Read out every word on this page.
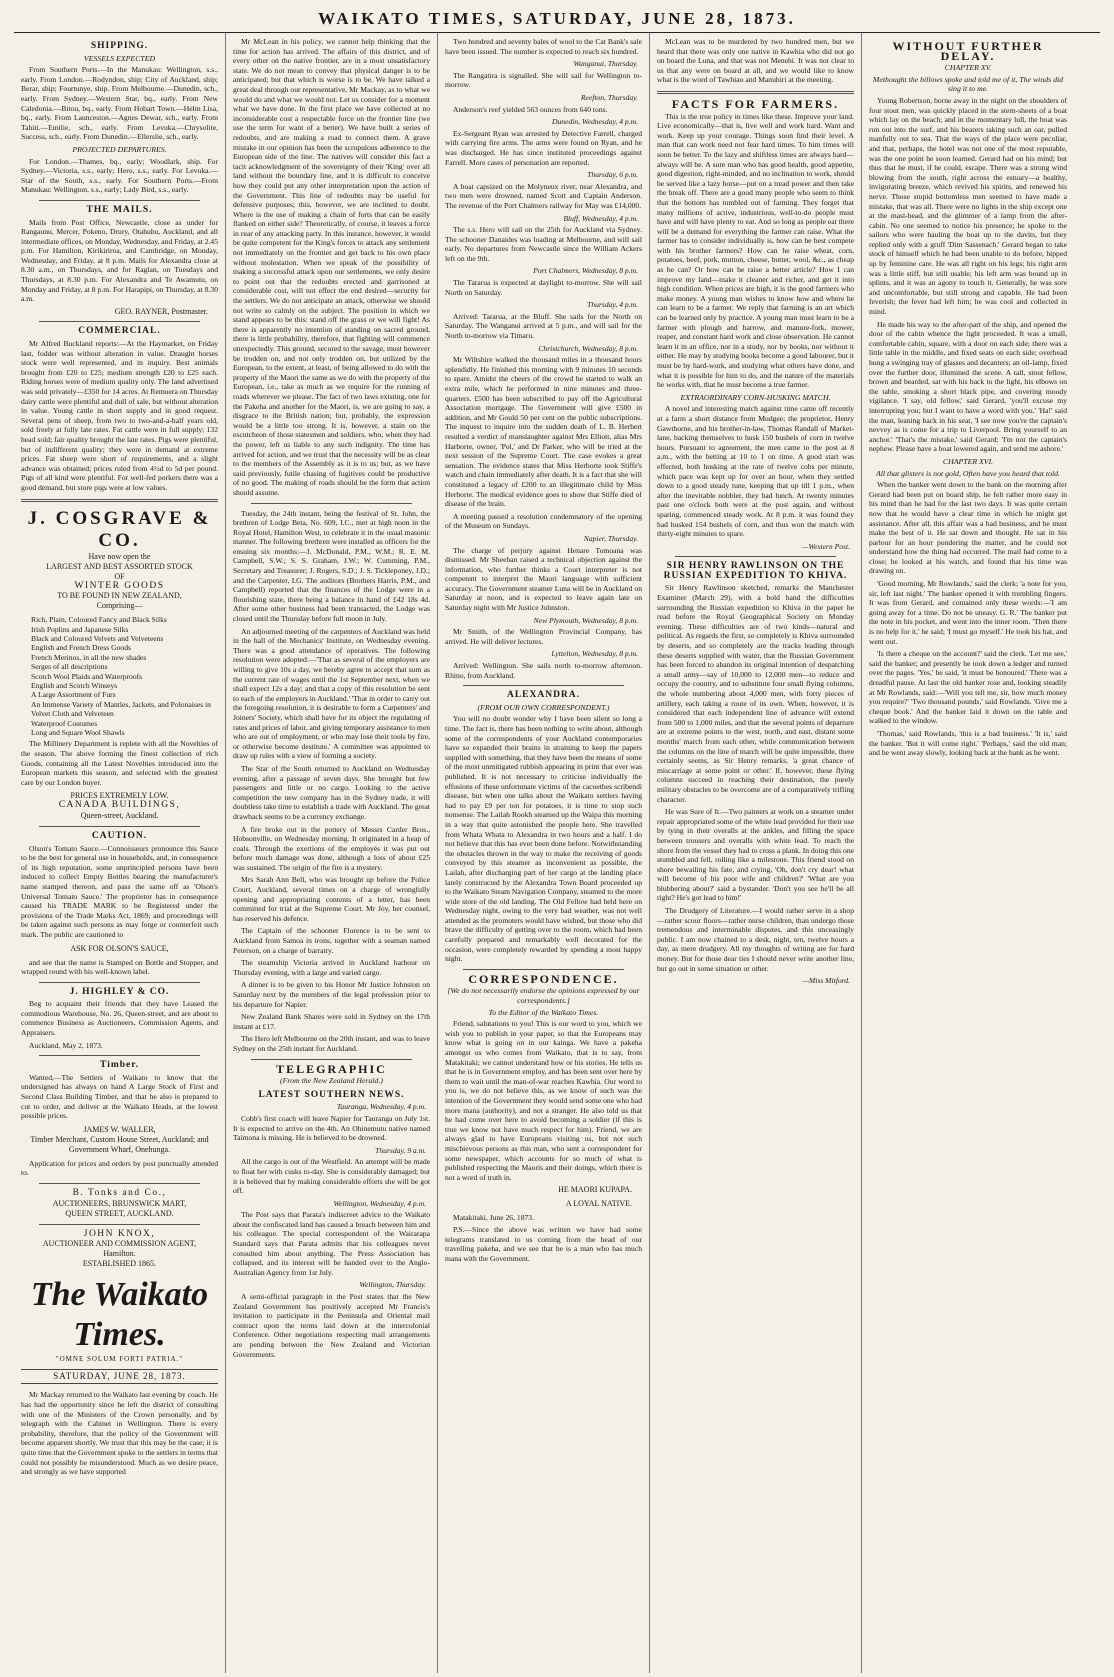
WAIKATO TIMES, SATURDAY, JUNE 28, 1873.
SHIPPING.
VESSELS EXPECTED

From Southern Ports.—In the Manukau: Wellington, s.s., early. From London.—Rodyndon, ship; City of Auckland, ship; Berar, ship; Fourtunye, ship. From Melbourne.—Dunedin, sch., early. From Sydney.—Western Star, bq., early. From New Caledonia.—Bitou, bq., early. From Hobart Town.—Helin Lisa, bq., early. From Launceston.—Agnes Dewar, sch., early. From Tahiti.—Emilie, sch., early. From Levuka.—Chrysolite, Success, sch., early. From Dunedin.—Ellerslie, sch., early.

PROJECTED DEPARTURES.

For London.—Thames, bq., early; Woodlark, ship. For Sydney.—Victoria, s.s., early; Hero, s.s., early. For Levuka.—Star of the South, s.s., early. For Southern Ports.—From Manukau: Wellington, s.s., early; Lady Bird, s.s., early.

THE MAILS.

Mails from Post Office, Newcastle, close as under for Rangaunu, Mercer, Pokeno, Drury, Otahuhu, Auckland, and all intermediate offices, on Monday, Wednesday, and Friday, at 2.45 p.m. For Hamilton, Kirikiriroa, and Cambridge, on Monday, Wednesday, and Friday, at 8 p.m. Mails for Alexandra close at 8.30 a.m., on Thursdays, and for Raglan, on Tuesdays and Thursdays, at 8.30 p.m. For Alexandra and Te Awamutu, on Monday and Friday, at 8 p.m. For Harapipi, on Thursday, at 8.30 a.m.

GEO. RAYNER, Postmaster.
COMMERCIAL.

Mr Alfred Buckland reports:—At the Haymarket, on Friday last, fodder was without alteration in value. Draught horses stock were well represented, and in inquiry. Best animals brought from £20 to £25; medium strength £20 to £25 each. Riding horses were of medium quality only. The land advertised was sold privately—£350 for 14 acres. At Remuera on Thursday dairy cattle were plentiful and dull of sale, but without alteration in value. Young cattle in short supply and in good request. Several pens of sheep, from two to two-and-a-half years old, sold freely at fully late rates. Fat cattle were in full supply; 132 head sold; fair quality brought the late rates. Pigs were plentiful, but of indifferent quality; they were in demand at extreme prices. Fat sheep were short of requirements, and a slight advance was obtained; prices ruled from 4½d to 5d per pound. Pigs of all kind were plentiful. For well-fed porkers there was a good demand, but store pigs were at low values.

J. COSGRAVE & CO.
Have now open the
LARGEST AND BEST ASSORTED STOCK
OF
WINTER GOODS
TO BE FOUND IN NEW ZEALAND,
Comprising—
Rich, Plain, Coloured Fancy and Black Silks
Irish Poplins and Japanese Silks
Black and Coloured Velvets and Velveteens
English and French Dress Goods
French Merinos, in all the new shades
Serges of all descriptions
Scotch Wool Plaids and Waterproofs
English and Scotch Winseys
A Large Assortment of Furs
An Immense Variety of Mantles, Jackets, and Polonaises in Velvet Cloth and Velveteen
Waterproof Costumes
Long and Square Wool Shawls

The Millinery Department is replete with all the Novelties of the season. The above forming the finest collection of rich Goods, containing all the Latest Novelties introduced into the European markets this season, and selected with the greatest care by our London buyer.

PRICES EXTREMELY LOW.
CANADA BUILDINGS,
Queen-street, Auckland.
CAUTION.

Olson's Tomato Sauce.—Connoisseurs pronounce this Sauce to be the best for general use in households, and, in consequence of its high reputation, some unprincipled persons have been induced to collect Empty Bottles bearing the manufacturer's name stamped thereon, and pass the same off as 'Olson's Universal Tomato Sauce.' The proprietor has in consequence caused his TRADE MARK to be Registered under the provisions of the Trade Marks Act, 1869; and proceedings will be taken against such persons as may forge or counterfeit such mark. The public are cautioned to

ASK FOR OLSON'S SAUCE,

and see that the name is Stamped on Bottle and Stopper, and wrapped round with his well-known label.

J. HIGHLEY & CO.

Beg to acquaint their friends that they have Leased the commodious Warehouse, No. 26, Queen-street, and are about to commence Business as Auctioneers, Commission Agents, and Appraisers.

Auckland, May 2, 1873.

Timber.

Wanted,—The Settlers of Waikato to know that the undersigned has always on hand A Large Stock of First and Second Class Building Timber, and that he also is prepared to cut to order, and deliver at the Waikato Heads, at the lowest possible prices.

JAMES W. WALLER,
Timber Merchant, Custom House Street, Auckland; and Government Wharf, Onehunga.

Application for prices and orders by post punctually attended to.

B. Tonks and Co.,
AUCTIONEERS, BRUNSWICK MART,
QUEEN STREET, AUCKLAND.
JOHN KNOX,
AUCTIONEER AND COMMISSION AGENT,
Hamilton.
ESTABLISHED 1865.
The Waikato Times.
"OMNE SOLUM FORTI PATRIA."
SATURDAY, JUNE 28, 1873.

Mr Mackay returned to the Waikato last evening by coach. He has had the opportunity since he left the district of consulting with one of the Ministers of the Crown personally, and by telegraph with the Cabinet in Wellington. There is every probability, therefore, that the policy of the Government will become apparent shortly. We trust that this may be the case; it is quite time that the Government spoke to the settlers in terms that could not possibly be misunderstood. Much as we desire peace, and strongly as we have supported

Mr McLean in his policy, we cannot help thinking that the time for action has arrived. The affairs of this district, and of every other on the native frontier, are in a most unsatisfactory state. We do not mean to convey that physical danger is to be anticipated; but that which is worse is to be. We have talked a great deal through our representative, Mr Mackay, as to what we would do and what we would not. Let us consider for a moment what we have done. In the first place we have collected at no inconsiderable cost a respectable force on the frontier line (we use the term for want of a better). We have built a series of redoubts, and are making a road to connect them. A grave mistake in our opinion has been the scrupulous adherence to the European side of the line. The natives will consider this fact a tacit acknowledgment of the sovereignty of their 'King' over all land without the boundary line, and it is difficult to conceive how they could put any other interpretation upon the action of the Government. This line of redoubts may be useful for defensive purposes; this, however, we are inclined to doubt. Where is the use of making a chain of forts that can be easily flanked on either side? Theoretically, of course, it leaves a force in rear of any attacking party. In this instance, however, it would be quite competent for the King's forces to attack any settlement not immediately on the frontier and get back to his own place without molestation. When we speak of the possibility of making a successful attack upon our settlements, we only desire to point out that the redoubts erected and garrisoned at considerable cost, will not effect the end desired—security for the settlers. We do not anticipate an attack, otherwise we should not write so calmly on the subject. The position in which we stand appears to be this: stand off the grass or we will fight! As there is apparently no intention of standing on sacred ground, there is little probability, therefore, that fighting will commence unexpectedly. This ground, secured to the savage, must however be trodden on, and not only trodden on, but utilized by the European, to the extent, at least, of being allowed to do with the property of the Maori the same as we do with the property of the European, i.e., take as much as we require for the running of roads wherever we please. The fact of two laws existing, one for the Pakeha and another for the Maori, is, we are going to say, a disgrace to the British nation; but, probably, the expression would be a little too strong. It is, however, a stain on the escutcheon of those statesmen and soldiers, who, when they had the power, left us liable to any such indignity. The time has arrived for action, and we trust that the necessity will be as clear to the members of the Assembly as it is to us; but, as we have said previously, futile chasing of fugitives could be productive of no good. The making of roads should be the form that action should assume.

Tuesday, the 24th instant, being the festival of St. John, the brethren of Lodge Beta, No. 609, I.C., met at high noon in the Royal Hotel, Hamilton West, to celebrate it in the usual masonic manner. The following brethren were installed as officers for the ensuing six months:—J. McDonald, P.M., W.M.; R. E. M. Campbell, S.W.; S. S. Graham, J.W.; W. Cumming, P.M., Secretary and Treasurer; J. Rogers, S.D.; J. S. Tickleponey, J.D.; and the Carpenter, I.G. The auditors (Brothers Harris, P.M., and Campbell) reported that the finances of the Lodge were in a flourishing state, there being a balance in hand of £42 18s 4d. After some other business had been transacted, the Lodge was closed until the Thursday before full moon in July.

An adjourned meeting of the carpenters of Auckland was held in the hall of the Mechanics' Institute, on Wednesday evening. There was a good attendance of operatives. The following resolution were adopted:—'That as several of the employers are willing to give 10s a day, we hereby agree to accept that sum as the current rate of wages until the 1st September next, when we shall expect 12s a day; and that a copy of this resolution be sent to each of the employers in Auckland.' 'That in order to carry out the foregoing resolution, it is desirable to form a Carpenters' and Joiners' Society, which shall have for its object the regulating of rates and prices of labor, and giving temporary assistance to men who are out of employment, or who may lose their tools by fire, or otherwise become destitute.' A committee was appointed to draw up rules with a view of forming a society.

The Star of the South returned to Auckland on Wednesday evening, after a passage of seven days. She brought but few passengers and little or no cargo. Looking to the active competition the new company has in the Sydney trade, it will doubtless take time to establish a trade with Auckland. The great drawback seems to be a currency exchange.

A fire broke out in the pottery of Messrs Carder Bros., Hobsonville, on Wednesday morning. It originated in a heap of coals. Through the exertions of the employés it was put out before much damage was done, although a loss of about £25 was sustained. The origin of the fire is a mystery.

Mrs Sarah Ann Bell, who was brought up before the Police Court, Auckland, several times on a charge of wrongfully opening and appropriating contents of a letter, has been committed for trial at the Supreme Court. Mr Joy, her counsel, has reserved his defence.

The Captain of the schooner Florence is to be sent to Auckland from Samoa in irons, together with a seaman named Peterson, on a charge of barratry.

The steamship Victoria arrived in Auckland harbour on Thursday evening, with a large and varied cargo.

A dinner is to be given to his Honor Mr Justice Johnston on Saturday next by the members of the legal profession prior to his departure for Napier.

New Zealand Bank Shares were sold in Sydney on the 17th instant at £17.

The Hero left Melbourne on the 20th instant, and was to leave Sydney on the 25th instant for Auckland.

TELEGRAPHIC
(From the New Zealand Herald.)
LATEST SOUTHERN NEWS.
Tauranga, Wednesday, 4 p.m.

Cobb's first coach will leave Napier for Tauranga on July 1st. It is expected to arrive on the 4th. An Ohinemutu native named Taimona is missing. He is believed to be drowned.

Thursday, 9 a.m.

All the cargo is out of the Westfield. An attempt will be made to float her with cusks to-day. She is considerably damaged; but it is believed that by making considerable efforts she will be got off.

Wellington, Wednesday, 4 p.m.

The Post says that Parata's indiscreet advice to the Waikato about the confiscated land has caused a breach between him and his colleague. The special correspondent of the Wairarapa Standard says that Parata admits that his colleagues never consulted him about anything. The Press Association has collapsed, and its interest will be handed over to the Anglo-Australian Agency from 1st July.

Wellington, Thursday.

A semi-official paragraph in the Post states that the New Zealand Government has positively accepted Mr Francis's invitation to participate in the Peninsula and Oriental mail contract upon the terms laid down at the intercolonial Conference. Other negotiations respecting mail arrangements are pending between the New Zealand and Victorian Governments.

Two hundred and seventy bales of wool to the Cat Bank's sale have been issued. The number is expected to reach six hundred.

Wanganui, Thursday.

The Rangatira is signalled. She will sail for Wellington to-morrow.

Reefton, Thursday.

Anderson's reef yielded 563 ounces from 640 tons.

Dunedin, Wednesday, 4 p.m.

Ex-Sergeant Ryan was arrested by Detective Farrell, charged with carrying fire arms. The arms were found on Ryan, and he was discharged. He has since instituted proceedings against Farrell. More cases of personation are reported.

Thursday, 6 p.m.

A boat capsized on the Molyneux river, near Alexandra, and two men were drowned, named Scott and Captain Anderson. The revenue of the Port Chalmers railway for May was £14,000.

Bluff, Wednesday, 4 p.m.

The s.s. Hero will sail on the 25th for Auckland via Sydney. The schooner Danaides was loading at Melbourne, and will sail early. No departures from Newcastle since the William Ackers left on the 9th.

Port Chalmers, Wednesday, 8 p.m.

The Tararua is expected at daylight to-morrow. She will sail North on Saturday.

Thursday, 4 p.m.

Arrived: Tararua, at the Bluff. She sails for the North on Saturday. The Wanganui arrived at 5 p.m., and will sail for the North to-morrow via Timaru.

Christchurch, Wednesday, 8 p.m.

Mr Wiltshire walked the thousand miles in a thousand hours splendidly. He finished this morning with 9 minutes 10 seconds to spare. Amidst the cheers of the crowd he started to walk an extra mile, which he performed in nine minutes and three-quarters. £500 has been subscribed to pay off the Agricultural Association mortgage. The Government will give £500 in addition, and Mr Gould 50 per cent on the public subscriptions. The inquest to inquire into the sudden death of L. B. Herbert resulted a verdict of manslaughter against Mrs Elliott, alias Mrs Harborte, owner, 'Pol,' and Dr Parker, who will be tried at the next session of the Supreme Court. The case evokes a great sensation. The evidence states that Miss Herborte took Stiffe's watch and chain immediately after death. It is a fact that she will constituted a legacy of £200 to an illegitimate child by Miss Herborte. The medical evidence goes to show that Stiffe died of disease of the brain.

A meeting passed a resolution condemnatory of the opening of the Museum on Sundays.

Napier, Thursday.

The charge of perjury against Henare Tomoana was dismissed. Mr Sheehan raised a technical objection against the information, who further thinks a Court interpreter is not competent to interpret the Maori language with sufficient accuracy. The Government steamer Luna will be in Auckland on Saturday at noon, and is expected to leave again late on Saturday night with Mr Justice Johnston.

New Plymouth, Wednesday, 8 p.m.

Mr Smith, of the Wellington Provincial Company, has arrived. He will deliver lectures.

Lyttelton, Wednesday, 8 p.m.

Arrived: Wellington. She sails north to-morrow afternoon. Rhino, from Auckland.

ALEXANDRA.
(FROM OUR OWN CORRESPONDENT.)

You will no doubt wonder why I have been silent so long a time. The fact is, there has been nothing to write about, although some of the correspondents of your Auckland contemporaries have so expanded their brains in straining to keep the papers supplied with something, that they have been the means of some of the most unmitigated rubbish appearing in print that ever was published. It is not necessary to criticise individually the effusions of these unfortunate victims of the cacoethes scribendi disease, but when one talks about the Waikato settlers having had to pay £9 per ton for potatoes, it is time to stop such nonsense. The Lailah Rookh steamed up the Waipa this morning in a way that quite astonished the people here. She travelled from Whata Whata to Alexandra in two hours and a half. I do not believe that this has ever been done before. Notwithstanding the obstacles thrown in the way to make the receiving of goods conveyed by this steamer as inconvenient as possible, the Lailah, after discharging part of her cargo at the landing place lately constructed by the Alexandra Town Board proceeded up to the Waikato Steam Navigation Company, steamed to the more wide store of the old landing. The Old Fellow had held here on Wednesday night, owing to the very bad weather, was not well attended as the promoters would have wished, but those who did brave the difficulty of getting over to the room, which had been carefully prepared and remarkably well decorated for the occasion, were completely rewarded by spending a most happy night.

CORRESPONDENCE.
[We do not necessarily endorse the opinions expressed by our correspondents.]
To the Editor of the Waikato Times.

Friend, salutations to you! This is our word to you, which we wish you to publish in your paper, so that the Europeans may know what is going on in our kainga. We have a pakeha amongst us who comes from Waikato, that is to say, from Matakitaki; we cannot understand how or his stories. He tells us that he is in Government employ, and has been sent over here by them to wait until the man-of-war reaches Kawhia. Our word to you is, we do not believe this, as we know of such was the intention of the Government they would send some one who had more mana (authority), and not a stranger. He also told us that he had come over here to avoid becoming a soldier (if this is true we know not have much respect for him). Friend, we are always glad to have Europeans visiting us, but not such mischievous persons as this man, who sent a correspondent for some newspaper, which accounts for so much of what is published respecting the Maoris and their doings, which there is not a word of truth in.

HE MAORI KUPAPA.
A LOYAL NATIVE.

Matakitaki, June 26, 1873.

P.S.—Since the above was written we have had some telegrams translated to us coming from the head of our travelling pakeha, and we see that he is a man who has much mana with the Government.

McLean was to be murdered by two hundred men, but we heard that there was only one native in Kawhia who did not go on board the Luna, and that was not Menehi. It was not clear to us that any were on board at all, and we would like to know what is the word of Tawhiao and Manuhiri at the meeting.

FACTS FOR FARMERS.

This is the true policy in times like these. Improve your land. Live economically—that is, live well and work hard. Want and work. Keep up your courage. Things soon find their level. A man that can work need not fear hard times. To him times will soon be better. To the lazy and shiftless times are always hard—always will be. A sure man who has good health, good appetite, good digestion, right-minded, and no inclination to work, should be served like a lazy horse—put on a tread power and then take the break off. There are a good many people who seem to think that the bottom has tumbled out of farming. They forget that many millions of active, industrious, well-to-do people must have and will have plenty to eat. And so long as people eat there will be a demand for everything the farmer can raise. What the farmer has to consider individually is, how can he best compete with his brother farmers? How can he raise wheat, corn, potatoes, beef, pork, mutton, cheese, butter, wool, &c., as cheap as he can? Or how can he raise a better article? How I can improve my land—make it cleaner and richer, and get it into high condition. When prices are high, it is the good farmers who make money. A young man wishes to know how and where he can learn to be a farmer. We reply that farming is an art which can be learned only by practice. A young man must learn to be a farmer with plough and harrow, and manure-fork, mower, reaper, and constant hard work and close observation. He cannot learn it in an office, nor in a study, nor by books, nor without it either. He may by studying books become a good labourer, but it must be by hard-work, and studying what others have done, and what it is possible for him to do, and the nature of the materials he works with, that he must become a true farmer.

EXTRAORDINARY CORN-HUSKING MATCH.

A novel and interesting match against time came off recently at a farm a short distance from Mudgee; the proprietor, Henry Gawthorne, and his brother-in-law, Thomas Randall of Market-lane, backing themselves to husk 150 bushels of corn in twelve hours. Pursuant to agreement, the men came to the post at 8 a.m., with the betting at 10 to 1 on time. A good start was effected, both husking at the rate of twelve cobs per minute, which pace was kept up for over an hour, when they settled down to a good steady tune, keeping that up till 1 p.m., when after the inevitable nobbler, they had lunch. At twenty minutes past one o'clock both were at the post again, and without sparing, commenced steady work. At 8 p.m. it was found they had husked 154 bushels of corn, and thus won the match with thirty-eight minutes to spare.

—Western Post.
SIR HENRY RAWLINSON ON THE RUSSIAN EXPEDITION TO KHIVA.

Sir Henry Rawlinson sketched, remarks the Manchester Examiner (March 29), with a bold hand the difficulties surrounding the Russian expedition to Khiva in the paper he read before the Royal Geographical Society on Monday evening. These difficulties are of two kinds—natural and political. As regards the first, so completely is Khiva surrounded by deserts, and so completely are the tracks leading through these deserts supplied with water, that the Russian Government has been forced to abandon its original intention of despatching a small army—say of 10,000 to 12,000 men—to reduce and occupy the country, and to substitute four small flying columns, the whole numbering about 4,000 men, with forty pieces of artillery, each taking a route of its own. When, however, it is considered that each independent line of advance will extend from 500 to 1,000 miles, and that the several points of departure are at extreme points to the west, north, and east, distant some months' march from each other, while communication between the columns on the line of march will be quite impossible, there certainly seems, as Sir Henry remarks, 'a great chance of miscarriage at some point or other.' If, however, these flying columns succeed in reaching their destination, the purely military obstacles to be overcome are of a comparatively trifling character.

He was Sure of It.—Two painters at work on a steamer under repair appropriated some of the white lead provided for their use by tying in their overalls at the ankles, and filling the space between trousers and overalls with white lead. To reach the shore from the vessel they had to cross a plank. In doing this one stumbled and fell, rolling like a milestone. This friend stood on shore bewailing his fate, and crying, 'Oh, don't cry dear! what will become of his poor wife and children?' 'What are you blubbering about?' said a bystander. 'Don't you see he'll be all right? He's got lead to him!'

The Drudgery of Literature.—I would rather serve in a shop—rather scour floors—rather nurse children, than undergo those tremendous and interminable disputes, and this unceasingly public. I am now chained to a desk, night, ten, twelve hours a day, as mere drudgery. All my thoughts of writing are for hard money. But for those dear ties I should never write another line, but go out in some situation or other.

—Miss Mitford.
WITHOUT FURTHER DELAY.
CHAPTER XV.
Methought the billows spoke and told me of it, The winds did sing it to me.

Young Robertson, borne away in the night on the shoulders of four stout men, was quickly placed in the stern-sheets of a boat which lay on the beach; and in the momentary lull, the boat was run out into the surf, and his bearers taking such an oar, pulled manfully out to sea. That the ways of the place were peculiar, and that, perhaps, the hotel was not one of the most reputable, was the one point he soon learned. Gerard had on his mind; but thus that he must, if he could, escape. There was a strong wind blowing from the south, right across the estuary—a healthy, invigorating breeze, which revived his spirits, and renewed his nerve. Those stupid bottomless men seemed to have made a mistake, that was all. There were no lights in the ship except one at the mast-head, and the glimmer of a lamp from the after-cabin. No one seemed to notice his presence; he spoke to the sailors who were hauling the boat up to the davits, but they replied only with a gruff 'Dim Sassenach.' Gerard began to take stock of himself which he had been unable to do before, hipped up by feminine care. He was all right on his legs; his right arm was a little stiff, but still usable; his left arm was bound up in splints, and it was an agony to touch it. Generally, he was sore and uncomfortable, but still strong and capable. He had been feverish; the fever had left him; he was cool and collected in mind.

He made his way to the after-part of the ship, and opened the door of the cabin whence the light proceeded. It was a small, comfortable cabin, square, with a door on each side; there was a little table in the middle, and fixed seats on each side; overhead hung a swinging tray of glasses and decanters; an oil-lamp, fixed over the further door, illumined the scene. A tall, stout fellow, brown and bearded, sat with his back to the light, his elbows on the table, smoking a short black pipe, and covering moody vigilance. 'I say, old fellow,' said Gerard, 'you'll excuse my interrupting you; but I want to have a word with you.' 'Ha!' said the man, leaning back in his seat, 'I see now you're the captain's nevvey as is come for a trip to Liverpool. Bring yourself to an anchor.' 'That's the mistake,' said Gerard; 'I'm not the captain's nephew. Please have a boat lowered again, and send me ashore.'

CHAPTER XVI.
All that glisters is not gold, Often have you heard that told.

When the banker went down to the bank on the morning after Gerard had been put on board ship, he felt rather more easy in his mind than he had for the last two days. It was quite certain now that he would have a clear time in which he might get assistance. After all, this affair was a bad business, and he must make the best of it. He sat down and thought. He sat in his parlour for an hour pondering the matter, and he could not understand how the thing had occurred. The mail had come to a close; he looked at his watch, and found that his time was drawing on.

'Good morning, Mr Rowlands,' said the clerk; 'a note for you, sir, left last night.' The banker opened it with trembling fingers. It was from Gerard, and contained only these words:—'I am going away for a time. Do not be uneasy. G. R.' The banker put the note in his pocket, and went into the inner room. 'Then there is no help for it,' he said; 'I must go myself.' He took his hat, and went out.

'Is there a cheque on the account?' said the clerk. 'Let me see,' said the banker; and presently he took down a ledger and turned over the pages. 'Yes,' he said, 'it must be honoured.' There was a dreadful pause. At last the old banker rose and, looking steadily at Mr Rowlands, said:—'Will you tell me, sir, how much money you require?' 'Two thousand pounds,' said Rowlands. 'Give me a cheque book.' And the banker laid it down on the table and walked to the window.

'Thomas,' said Rowlands, 'this is a bad business.' 'It is,' said the banker. 'But it will come right.' 'Perhaps,' said the old man; and he went away slowly, looking back at the bank as he went.
